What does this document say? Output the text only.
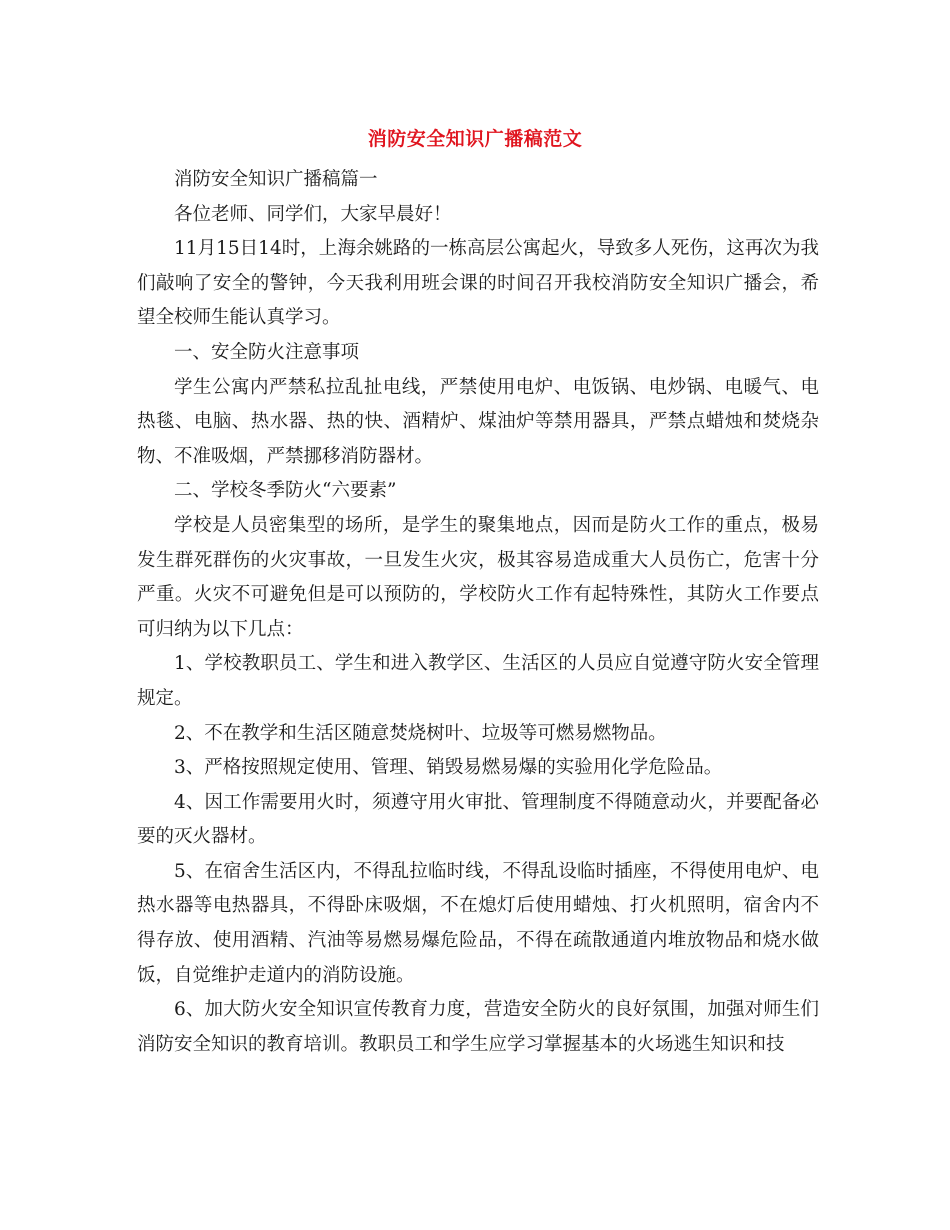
消防安全知识广播稿范文

消防安全知识广播稿篇一

各位老师、同学们，大家早晨好！

11月15日14时，上海余姚路的一栋高层公寓起火，导致多人死伤，这再次为我们敲响了安全的警钟，今天我利用班会课的时间召开我校消防安全知识广播会，希望全校师生能认真学习。

一、安全防火注意事项

学生公寓内严禁私拉乱扯电线，严禁使用电炉、电饭锅、电炒锅、电暖气、电热毯、电脑、热水器、热的快、酒精炉、煤油炉等禁用器具，严禁点蜡烛和焚烧杂物、不准吸烟，严禁挪移消防器材。

二、学校冬季防火“六要素”

学校是人员密集型的场所，是学生的聚集地点，因而是防火工作的重点，极易发生群死群伤的火灾事故，一旦发生火灾，极其容易造成重大人员伤亡，危害十分严重。火灾不可避免但是可以预防的，学校防火工作有起特殊性，其防火工作要点可归纳为以下几点：

1、学校教职员工、学生和进入教学区、生活区的人员应自觉遵守防火安全管理规定。

2、不在教学和生活区随意焚烧树叶、垃圾等可燃易燃物品。

3、严格按照规定使用、管理、销毁易燃易爆的实验用化学危险品。

4、因工作需要用火时，须遵守用火审批、管理制度不得随意动火，并要配备必要的灭火器材。

5、在宿舍生活区内，不得乱拉临时线，不得乱设临时插座，不得使用电炉、电热水器等电热器具，不得卧床吸烟，不在熄灯后使用蜡烛、打火机照明，宿舍内不得存放、使用酒精、汽油等易燃易爆危险品，不得在疏散通道内堆放物品和烧水做饭，自觉维护走道内的消防设施。

6、加大防火安全知识宣传教育力度，营造安全防火的良好氛围，加强对师生们消防安全知识的教育培训。教职员工和学生应学习掌握基本的火场逃生知识和技
